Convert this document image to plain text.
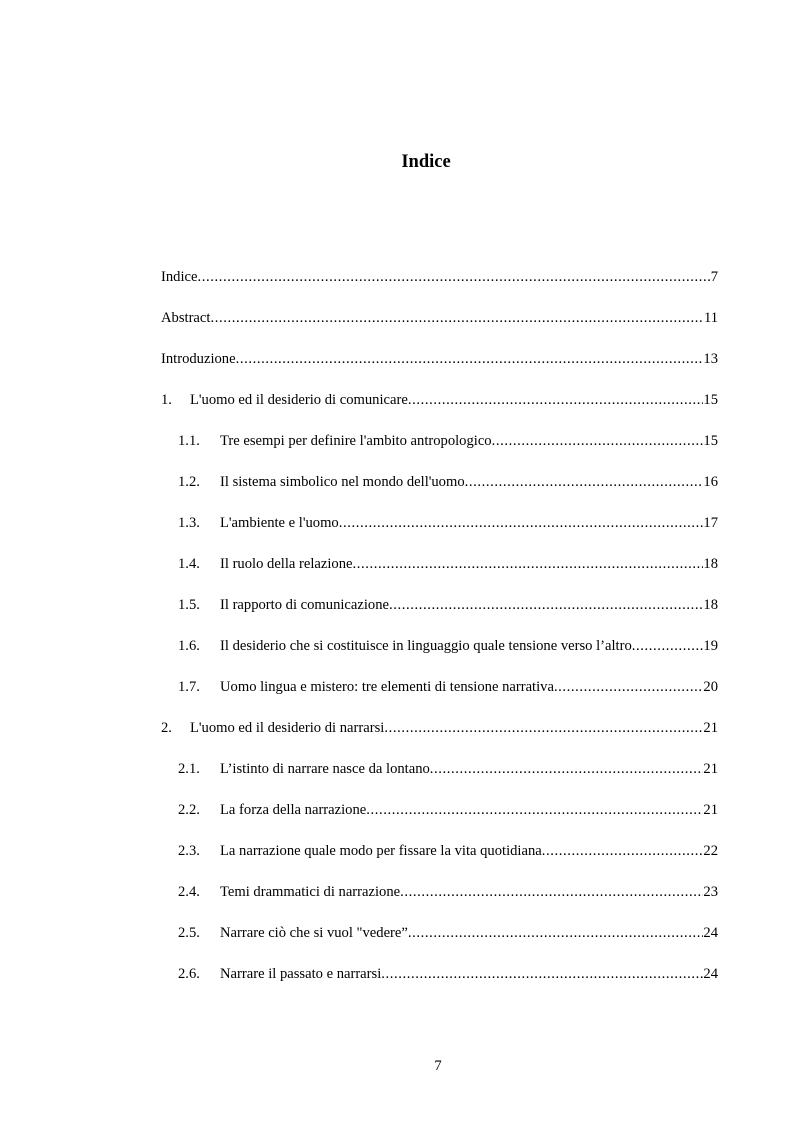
Indice
Indice .....	7
Abstract .....	11
Introduzione .....	13
1.	L'uomo ed il desiderio di comunicare .....	15
1.1.	Tre esempi per definire l'ambito antropologico .....	15
1.2.	Il sistema simbolico nel mondo dell'uomo .....	16
1.3.	L'ambiente e l'uomo .....	17
1.4.	Il ruolo della relazione .....	18
1.5.	Il rapporto di comunicazione .....	18
1.6.	Il desiderio che si costituisce in linguaggio quale tensione verso l’altro .....	19
1.7.	Uomo lingua e mistero: tre elementi di tensione narrativa .....	20
2.	L'uomo ed il desiderio di narrarsi .....	21
2.1.	L’istinto di narrare nasce da lontano .....	21
2.2.	La forza della narrazione .....	21
2.3.	La narrazione quale modo per fissare la vita quotidiana .....	22
2.4.	Temi drammatici di narrazione .....	23
2.5.	Narrare ciò che si vuol "vedere” .....	24
2.6.	Narrare il passato e narrarsi .....	24
7
